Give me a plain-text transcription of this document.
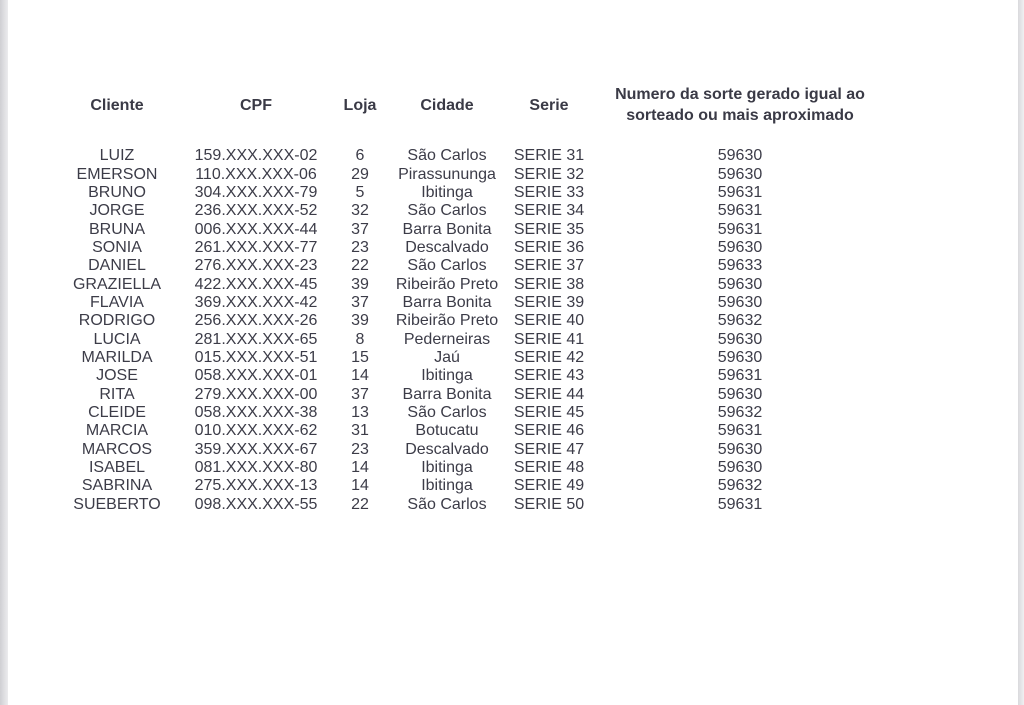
Cliente	CPF	Loja	Cidade	Serie	Numero da sorte gerado igual ao
sorteado ou mais aproximado

LUIZ	159.XXX.XXX-02	6	São Carlos	SERIE 31	59630
EMERSON	110.XXX.XXX-06	29	Pirassununga	SERIE 32	59630
BRUNO	304.XXX.XXX-79	5	Ibitinga	SERIE 33	59631
JORGE	236.XXX.XXX-52	32	São Carlos	SERIE 34	59631
BRUNA	006.XXX.XXX-44	37	Barra Bonita	SERIE 35	59631
SONIA	261.XXX.XXX-77	23	Descalvado	SERIE 36	59630
DANIEL	276.XXX.XXX-23	22	São Carlos	SERIE 37	59633
GRAZIELLA	422.XXX.XXX-45	39	Ribeirão Preto	SERIE 38	59630
FLAVIA	369.XXX.XXX-42	37	Barra Bonita	SERIE 39	59630
RODRIGO	256.XXX.XXX-26	39	Ribeirão Preto	SERIE 40	59632
LUCIA	281.XXX.XXX-65	8	Pederneiras	SERIE 41	59630
MARILDA	015.XXX.XXX-51	15	Jaú	SERIE 42	59630
JOSE	058.XXX.XXX-01	14	Ibitinga	SERIE 43	59631
RITA	279.XXX.XXX-00	37	Barra Bonita	SERIE 44	59630
CLEIDE	058.XXX.XXX-38	13	São Carlos	SERIE 45	59632
MARCIA	010.XXX.XXX-62	31	Botucatu	SERIE 46	59631
MARCOS	359.XXX.XXX-67	23	Descalvado	SERIE 47	59630
ISABEL	081.XXX.XXX-80	14	Ibitinga	SERIE 48	59630
SABRINA	275.XXX.XXX-13	14	Ibitinga	SERIE 49	59632
SUEBERTO	098.XXX.XXX-55	22	São Carlos	SERIE 50	59631
